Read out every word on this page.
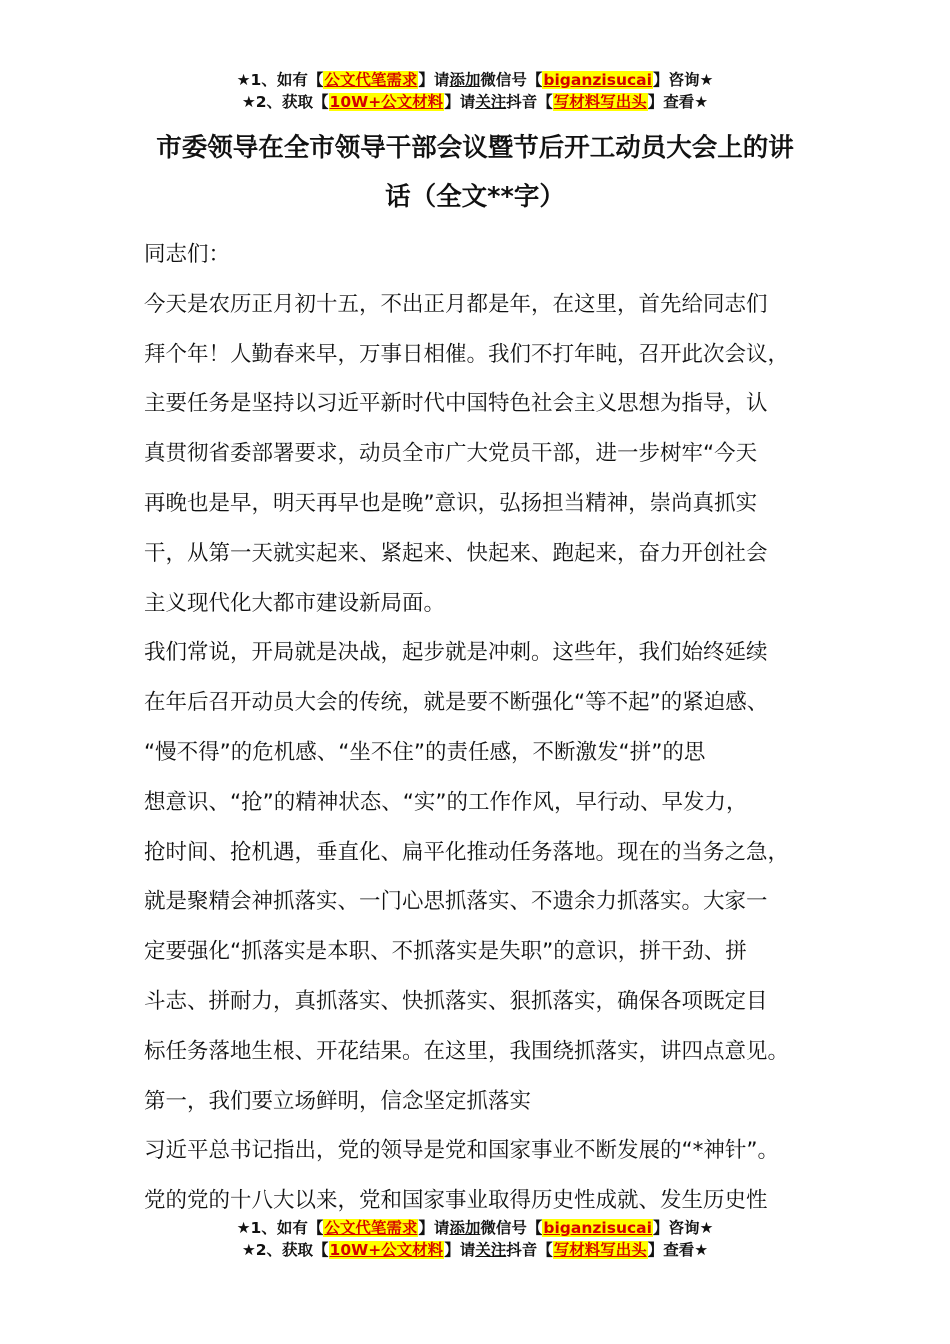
★1、如有【公文代笔需求】请添加微信号【biganzisucai】咨询★
★2、获取【10W+公文材料】请关注抖音【写材料写出头】查看★
市委领导在全市领导干部会议暨节后开工动员大会上的讲
话（全文**字）

同志们：

今天是农历正月初十五，不出正月都是年，在这里，首先给同志们

拜个年！人勤春来早，万事日相催。我们不打年盹，召开此次会议，

主要任务是坚持以习近平新时代中国特色社会主义思想为指导，认

真贯彻省委部署要求，动员全市广大党员干部，进一步树牢“今天

再晚也是早，明天再早也是晚”意识，弘扬担当精神，崇尚真抓实

干，从第一天就实起来、紧起来、快起来、跑起来，奋力开创社会

主义现代化大都市建设新局面。

我们常说，开局就是决战，起步就是冲刺。这些年，我们始终延续

在年后召开动员大会的传统，就是要不断强化“等不起”的紧迫感、

“慢不得”的危机感、“坐不住”的责任感，不断激发“拼”的思

想意识、“抢”的精神状态、“实”的工作作风，早行动、早发力，

抢时间、抢机遇，垂直化、扁平化推动任务落地。现在的当务之急，

就是聚精会神抓落实、一门心思抓落实、不遗余力抓落实。大家一

定要强化“抓落实是本职、不抓落实是失职”的意识，拼干劲、拼

斗志、拼耐力，真抓落实、快抓落实、狠抓落实，确保各项既定目

标任务落地生根、开花结果。在这里，我围绕抓落实，讲四点意见。

第一，我们要立场鲜明，信念坚定抓落实

习近平总书记指出，党的领导是党和国家事业不断发展的“*神针”。

党的党的十八大以来，党和国家事业取得历史性成就、发生历史性

★1、如有【公文代笔需求】请添加微信号【biganzisucai】咨询★
★2、获取【10W+公文材料】请关注抖音【写材料写出头】查看★
